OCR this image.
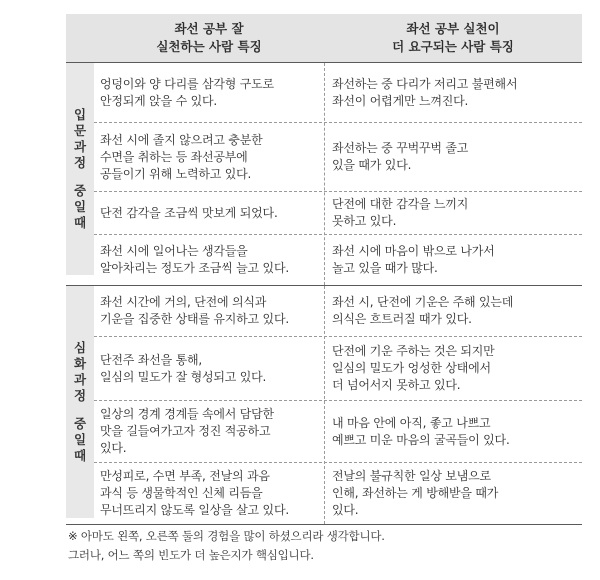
좌선 공부 잘
실천하는 사람 특징
좌선 공부 실천이
더 요구되는 사람 특징
입
문
과
정
중
일
때
엉덩이와 양 다리를 삼각형 구도로
안정되게 앉을 수 있다.
좌선하는 중 다리가 저리고 불편해서
좌선이 어렵게만 느껴진다.
좌선 시에 졸지 않으려고 충분한
수면을 취하는 등 좌선공부에
공들이기 위해 노력하고 있다.
좌선하는 중 꾸벅꾸벅 졸고
있을 때가 있다.
단전 감각을 조금씩 맛보게 되었다.
단전에 대한 감각을 느끼지
못하고 있다.
좌선 시에 일어나는 생각들을
알아차리는 정도가 조금씩 늘고 있다.
좌선 시에 마음이 밖으로 나가서
놀고 있을 때가 많다.
심
화
과
정
중
일
때
좌선 시간에 거의, 단전에 의식과
기운을 집중한 상태를 유지하고 있다.
좌선 시, 단전에 기운은 주해 있는데
의식은 흐트러질 때가 있다.
단전주 좌선을 통해,
일심의 밀도가 잘 형성되고 있다.
단전에 기운 주하는 것은 되지만
일심의 밀도가 엉성한 상태에서
더 넘어서지 못하고 있다.
일상의 경계 경계들 속에서 담담한
맛을 길들여가고자 정진 적공하고
있다.
내 마음 안에 아직, 좋고 나쁘고
예쁘고 미운 마음의 굴곡들이 있다.
만성피로, 수면 부족, 전날의 과음
과식 등 생물학적인 신체 리듬을
무너뜨리지 않도록 일상을 살고 있다.
전날의 불규칙한 일상 보냄으로
인해, 좌선하는 게 방해받을 때가
있다.
※ 아마도 왼쪽, 오른쪽 둘의 경험을 많이 하셨으리라 생각합니다.
그러나, 어느 쪽의 빈도가 더 높은지가 핵심입니다.
